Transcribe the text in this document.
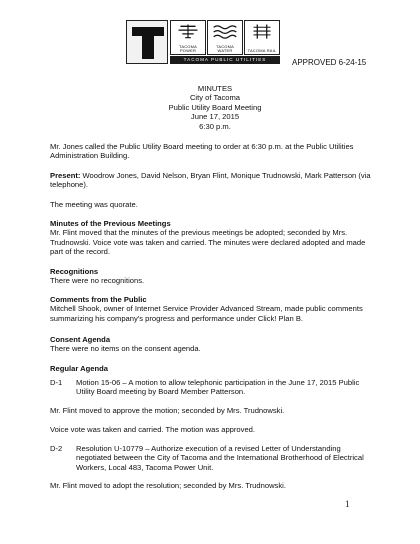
TACOMA POWER
TACOMA WATER	TACOMA RAIL
TACOMA PUBLIC UTILITIES	APPROVED 6-24-15
MINUTES
City of Tacoma
Public Utility Board Meeting
June 17, 2015
6:30 p.m.
Mr. Jones called the Public Utility Board meeting to order at 6:30 p.m. at the Public Utilities Administration Building.
Present: Woodrow Jones, David Nelson, Bryan Flint, Monique Trudnowski, Mark Patterson (via telephone).
The meeting was quorate.
Minutes of the Previous Meetings
Mr. Flint moved that the minutes of the previous meetings be adopted; seconded by Mrs. Trudnowski. Voice vote was taken and carried. The minutes were declared adopted and made part of the record.
Recognitions
There were no recognitions.
Comments from the Public
Mitchell Shook, owner of Internet Service Provider Advanced Stream, made public comments summarizing his company's progress and performance under Click! Plan B.
Consent Agenda
There were no items on the consent agenda.
Regular Agenda
D-1 Motion 15-06 – A motion to allow telephonic participation in the June 17, 2015 Public Utility Board meeting by Board Member Patterson.
Mr. Flint moved to approve the motion; seconded by Mrs. Trudnowski.
Voice vote was taken and carried. The motion was approved.
D-2 Resolution U-10779 – Authorize execution of a revised Letter of Understanding negotiated between the City of Tacoma and the International Brotherhood of Electrical Workers, Local 483, Tacoma Power Unit.
Mr. Flint moved to adopt the resolution; seconded by Mrs. Trudnowski.
1
